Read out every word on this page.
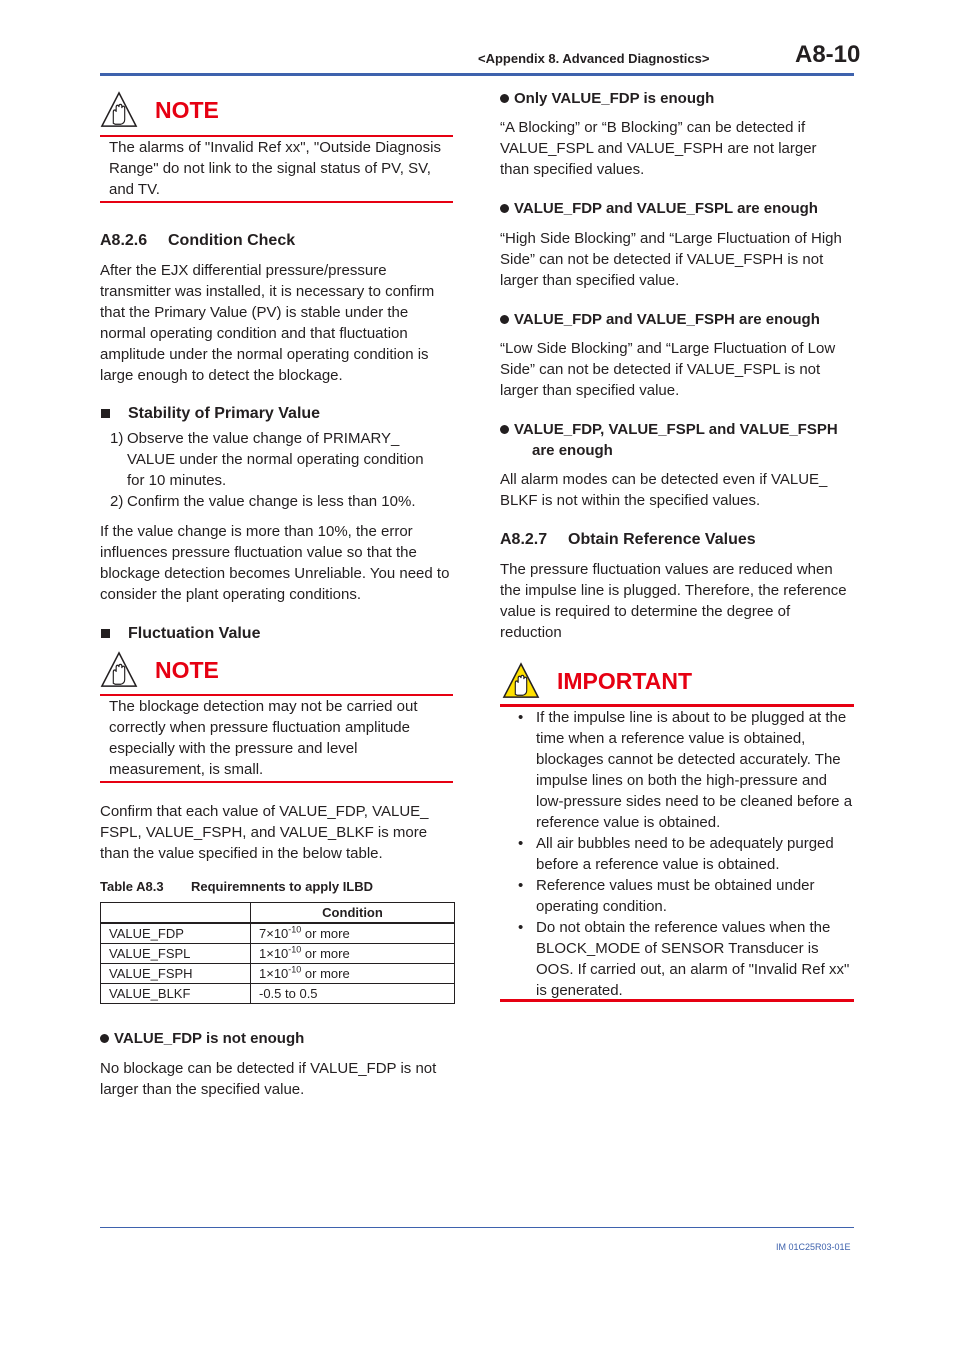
<Appendix 8. Advanced Diagnostics>	A8-10
NOTE
The alarms of "Invalid Ref xx", "Outside Diagnosis Range" do not link to the signal status of PV, SV, and TV.
A8.2.6 Condition Check
After the EJX differential pressure/pressure transmitter was installed, it is necessary to confirm that the Primary Value (PV) is stable under the normal operating condition and that fluctuation amplitude under the normal operating condition is large enough to detect the blockage.
Stability of Primary Value
1) Observe the value change of PRIMARY_ VALUE under the normal operating condition for 10 minutes.
2) Confirm the value change is less than 10%.
If the value change is more than 10%, the error influences pressure fluctuation value so that the blockage detection becomes Unreliable. You need to consider the plant operating conditions.
Fluctuation Value
NOTE
The blockage detection may not be carried out correctly when pressure fluctuation amplitude especially with the pressure and level measurement, is small.
Confirm that each value of VALUE_FDP, VALUE_ FSPL, VALUE_FSPH, and VALUE_BLKF is more than the value specified in the below table.
Table A8.3 Requiremnents to apply ILBD
	Condition
VALUE_FDP	$7\times 10^{-10}$ or more
VALUE_FSPL	$1\times 10^{-10}$ or more
VALUE_FSPH	$1\times 10^{-10}$ or more
VALUE_BLKF	-0.5 to 0.5
VALUE_FDP is not enough
No blockage can be detected if VALUE_FDP is not larger than the specified value.
Only VALUE_FDP is enough
“A Blocking” or “B Blocking” can be detected if VALUE_FSPL and VALUE_FSPH are not larger than specified values.
VALUE_FDP and VALUE_FSPL are enough
“High Side Blocking” and “Large Fluctuation of High Side” can not be detected if VALUE_FSPH is not larger than specified value.
VALUE_FDP and VALUE_FSPH are enough
“Low Side Blocking” and “Large Fluctuation of Low Side” can not be detected if VALUE_FSPL is not larger than specified value.
VALUE_FDP, VALUE_FSPL and VALUE_FSPH
are enough
All alarm modes can be detected even if VALUE_ BLKF is not within the specified values.
A8.2.7 Obtain Reference Values
The pressure fluctuation values are reduced when the impulse line is plugged. Therefore, the reference value is required to determine the degree of reduction
IMPORTANT
• If the impulse line is about to be plugged at the time when a reference value is obtained, blockages cannot be detected accurately. The impulse lines on both the high-pressure and low-pressure sides need to be cleaned before a reference value is obtained.
• All air bubbles need to be adequately purged before a reference value is obtained.
• Reference values must be obtained under operating condition.
• Do not obtain the reference values when the BLOCK_MODE of SENSOR Transducer is OOS. If carried out, an alarm of "Invalid Ref xx" is generated.
IM 01C25R03-01E
